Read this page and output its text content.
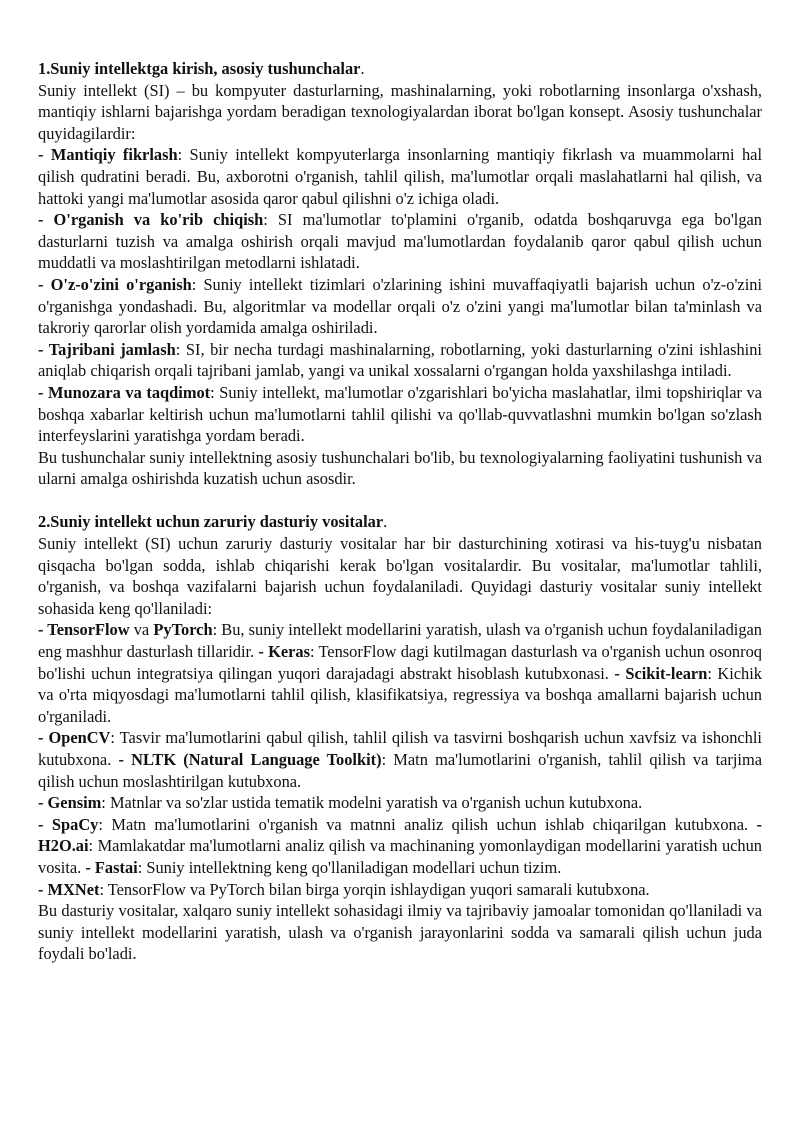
1.Suniy intellektga kirish, asosiy tushunchalar.

Suniy intellekt (SI) – bu kompyuter dasturlarning, mashinalarning, yoki robotlarning insonlarga o'xshash, mantiqiy ishlarni bajarishga yordam beradigan texnologiyalardan iborat bo'lgan konsept. Asosiy tushunchalar quyidagilardir:

- Mantiqiy fikrlash: Suniy intellekt kompyuterlarga insonlarning mantiqiy fikrlash va muammolarni hal qilish qudratini beradi. Bu, axborotni o'rganish, tahlil qilish, ma'lumotlar orqali maslahatlarni hal qilish, va hattoki yangi ma'lumotlar asosida qaror qabul qilishni o'z ichiga oladi.

- O'rganish va ko'rib chiqish: SI ma'lumotlar to'plamini o'rganib, odatda boshqaruvga ega bo'lgan dasturlarni tuzish va amalga oshirish orqali mavjud ma'lumotlardan foydalanib qaror qabul qilish uchun muddatli va moslashtirilgan metodlarni ishlatadi.

- O'z-o'zini o'rganish: Suniy intellekt tizimlari o'zlarining ishini muvaffaqiyatli bajarish uchun o'z-o'zini o'rganishga yondashadi. Bu, algoritmlar va modellar orqali o'z o'zini yangi ma'lumotlar bilan ta'minlash va takroriy qarorlar olish yordamida amalga oshiriladi.

- Tajribani jamlash: SI, bir necha turdagi mashinalarning, robotlarning, yoki dasturlarning o'zini ishlashini aniqlab chiqarish orqali tajribani jamlab, yangi va unikal xossalarni o'rgangan holda yaxshilashga intiladi.

- Munozara va taqdimot: Suniy intellekt, ma'lumotlar o'zgarishlari bo'yicha maslahatlar, ilmi topshiriqlar va boshqa xabarlar keltirish uchun ma'lumotlarni tahlil qilishi va qo'llab-quvvatlashni mumkin bo'lgan so'zlash interfeyslarini yaratishga yordam beradi.

Bu tushunchalar suniy intellektning asosiy tushunchalari bo'lib, bu texnologiyalarning faoliyatini tushunish va ularni amalga oshirishda kuzatish uchun asosdir.

2.Suniy intellekt uchun zaruriy dasturiy vositalar.

Suniy intellekt (SI) uchun zaruriy dasturiy vositalar har bir dasturchining xotirasi va his-tuyg'u nisbatan qisqacha bo'lgan sodda, ishlab chiqarishi kerak bo'lgan vositalardir. Bu vositalar, ma'lumotlar tahlili, o'rganish, va boshqa vazifalarni bajarish uchun foydalaniladi. Quyidagi dasturiy vositalar suniy intellekt sohasida keng qo'llaniladi:

- TensorFlow va PyTorch: Bu, suniy intellekt modellarini yaratish, ulash va o'rganish uchun foydalaniladigan eng mashhur dasturlash tillaridir. - Keras: TensorFlow dagi kutilmagan dasturlash va o'rganish uchun osonroq bo'lishi uchun integratsiya qilingan yuqori darajadagi abstrakt hisoblash kutubxonasi. - Scikit-learn: Kichik va o'rta miqyosdagi ma'lumotlarni tahlil qilish, klasifikatsiya, regressiya va boshqa amallarni bajarish uchun o'rganiladi.

- OpenCV: Tasvir ma'lumotlarini qabul qilish, tahlil qilish va tasvirni boshqarish uchun xavfsiz va ishonchli kutubxona. - NLTK (Natural Language Toolkit): Matn ma'lumotlarini o'rganish, tahlil qilish va tarjima qilish uchun moslashtirilgan kutubxona.

- Gensim: Matnlar va so'zlar ustida tematik modelni yaratish va o'rganish uchun kutubxona.

- SpaCy: Matn ma'lumotlarini o'rganish va matnni analiz qilish uchun ishlab chiqarilgan kutubxona. - H2O.ai: Mamlakatdar ma'lumotlarni analiz qilish va machinaning yomonlaydigan modellarini yaratish uchun vosita. - Fastai: Suniy intellektning keng qo'llaniladigan modellari uchun tizim.

- MXNet: TensorFlow va PyTorch bilan birga yorqin ishlaydigan yuqori samarali kutubxona.

Bu dasturiy vositalar, xalqaro suniy intellekt sohasidagi ilmiy va tajribaviy jamoalar tomonidan qo'llaniladi va suniy intellekt modellarini yaratish, ulash va o'rganish jarayonlarini sodda va samarali qilish uchun juda foydali bo'ladi.
